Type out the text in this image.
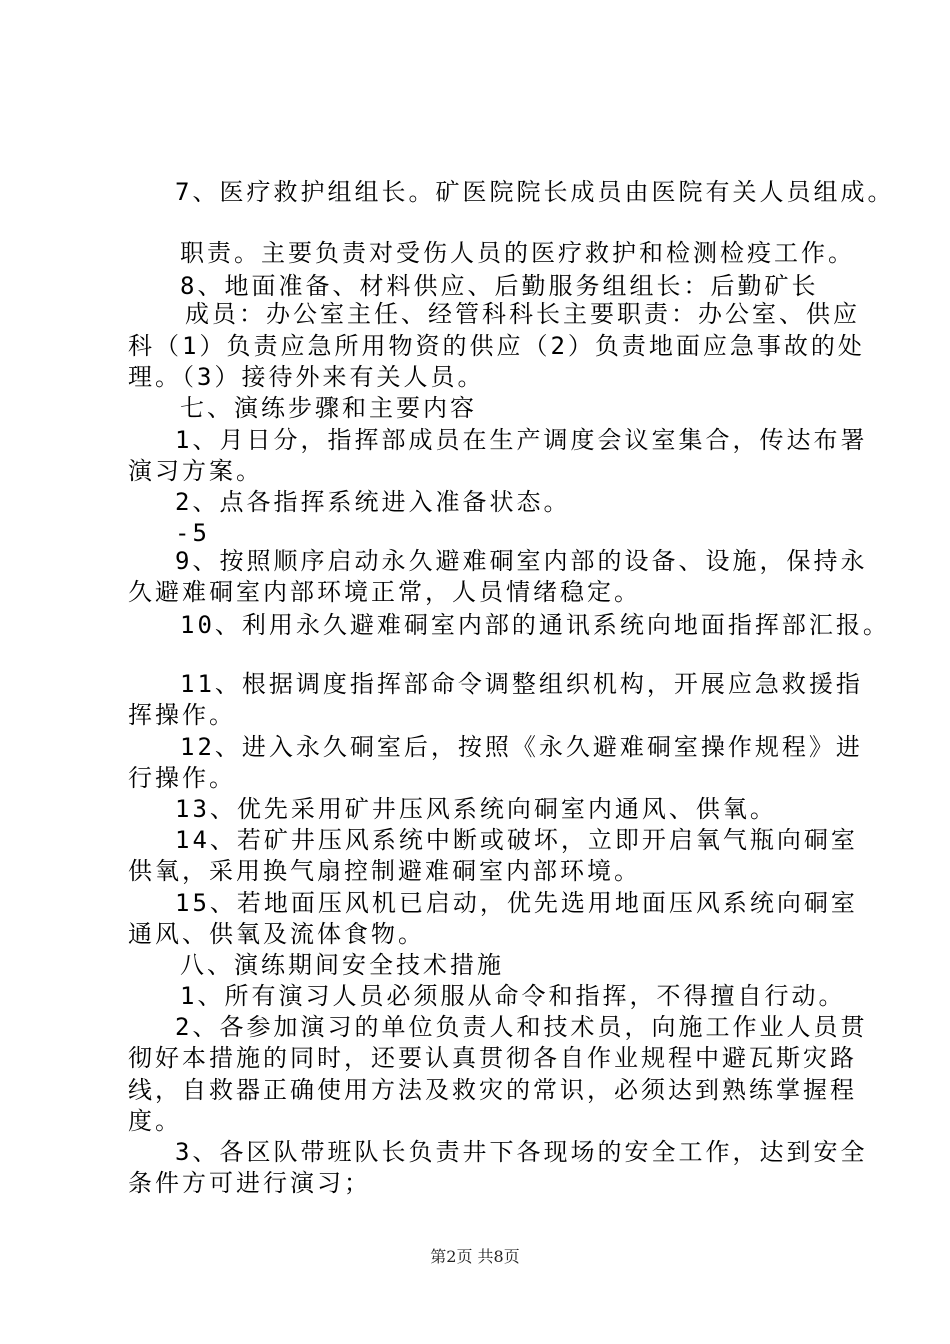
7、医疗救护组组长。矿医院院长成员由医院有关人员组成。
职责。主要负责对受伤人员的医疗救护和检测检疫工作。
8、地面准备、材料供应、后勤服务组组长：后勤矿长
成员：办公室主任、经管科科长主要职责：办公室、供应
科（1）负责应急所用物资的供应（2）负责地面应急事故的处
理。（3）接待外来有关人员。
七、演练步骤和主要内容
1、月日分，指挥部成员在生产调度会议室集合，传达布署
演习方案。
2、点各指挥系统进入准备状态。
-5
9、按照顺序启动永久避难硐室内部的设备、设施，保持永
久避难硐室内部环境正常，人员情绪稳定。
10、利用永久避难硐室内部的通讯系统向地面指挥部汇报。
11、根据调度指挥部命令调整组织机构，开展应急救援指
挥操作。
12、进入永久硐室后，按照《永久避难硐室操作规程》进
行操作。
13、优先采用矿井压风系统向硐室内通风、供氧。
14、若矿井压风系统中断或破坏，立即开启氧气瓶向硐室
供氧，采用换气扇控制避难硐室内部环境。
15、若地面压风机已启动，优先选用地面压风系统向硐室
通风、供氧及流体食物。
八、演练期间安全技术措施
1、所有演习人员必须服从命令和指挥，不得擅自行动。
2、各参加演习的单位负责人和技术员，向施工作业人员贯
彻好本措施的同时，还要认真贯彻各自作业规程中避瓦斯灾路
线，自救器正确使用方法及救灾的常识，必须达到熟练掌握程
度。
3、各区队带班队长负责井下各现场的安全工作，达到安全
条件方可进行演习；
第2页 共8页
